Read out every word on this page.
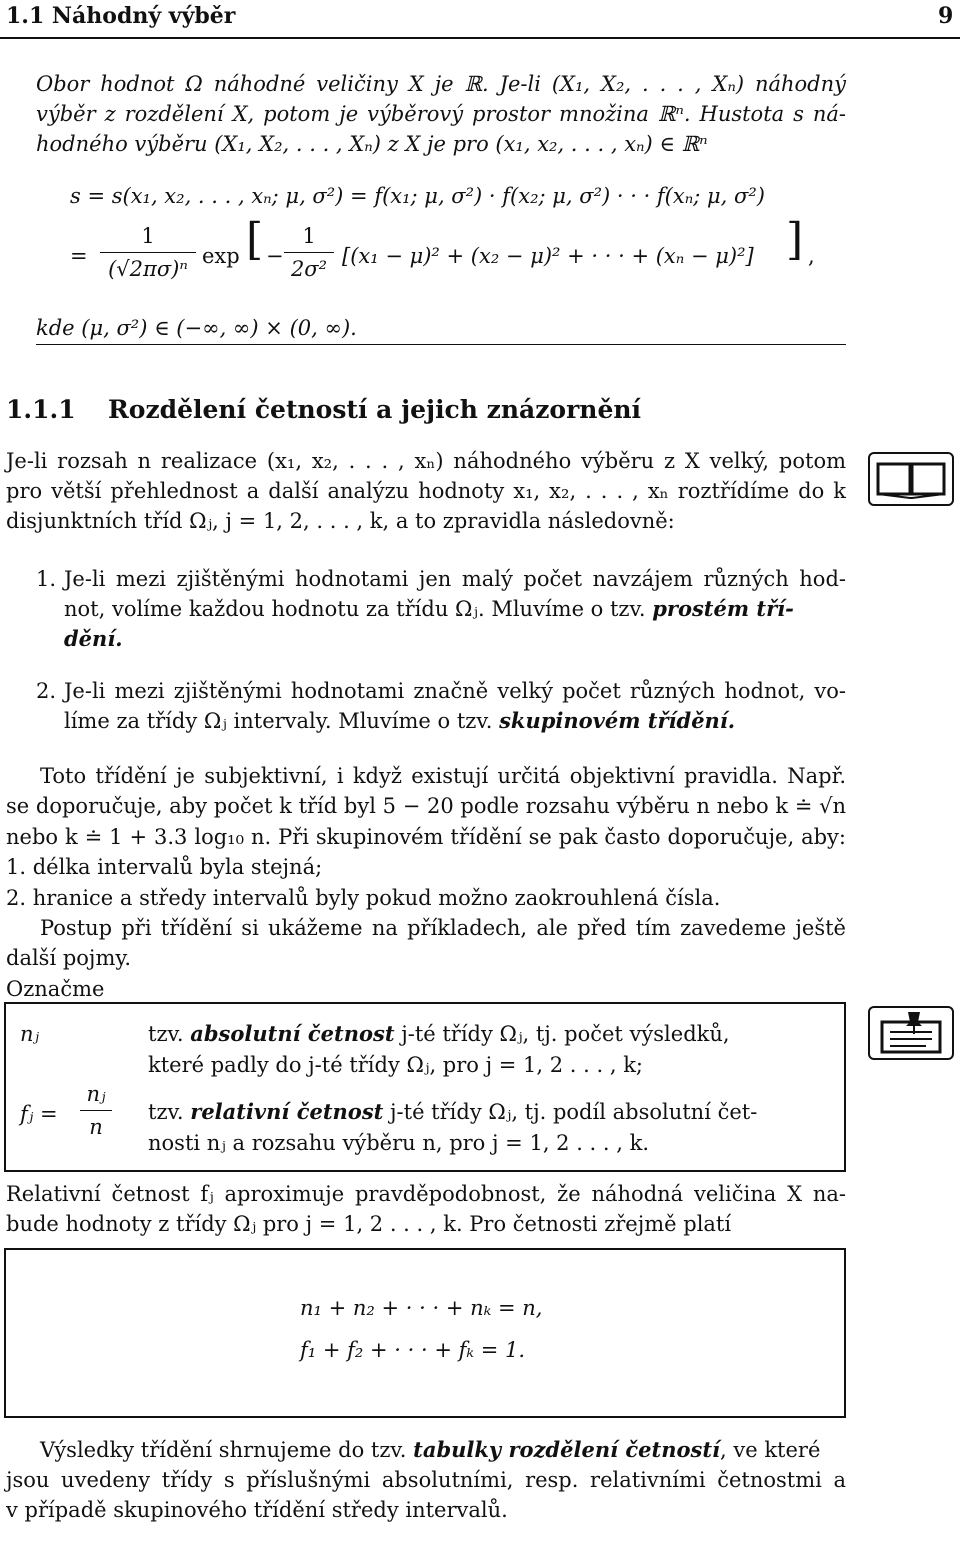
1.1 Náhodný výběr	9
Obor hodnot Ω náhodné veličiny X je ℝ. Je-li (X₁, X₂, . . . , Xₙ) náhodný
výběr z rozdělení X, potom je výběrový prostor množina ℝⁿ. Hustota s ná-
hodného výběru (X₁, X₂, . . . , Xₙ) z X je pro (x₁, x₂, . . . , xₙ) ∈ ℝⁿ
s = s(x₁, x₂, . . . , xₙ; μ, σ²) = f(x₁; μ, σ²) · f(x₂; μ, σ²) · · · f(xₙ; μ, σ²)
=
1
(√2πσ)ⁿ
exp [ −
1
2σ²
[(x₁ − μ)² + (x₂ − μ)² + · · · + (xₙ − μ)²] ] ,
kde (μ, σ²) ∈ (−∞, ∞) × (0, ∞).
1.1.1 Rozdělení četností a jejich znázornění
Je-li rozsah n realizace (x₁, x₂, . . . , xₙ) náhodného výběru z X velký, potom
pro větší přehlednost a další analýzu hodnoty x₁, x₂, . . . , xₙ roztřídíme do k
disjunktních tříd Ωⱼ, j = 1, 2, . . . , k, a to zpravidla následovně:
1. Je-li mezi zjištěnými hodnotami jen malý počet navzájem různých hod-
not, volíme každou hodnotu za třídu Ωⱼ. Mluvíme o tzv. prostém tří-
dění.
2. Je-li mezi zjištěnými hodnotami značně velký počet různých hodnot, vo-
líme za třídy Ωⱼ intervaly. Mluvíme o tzv. skupinovém třídění.
Toto třídění je subjektivní, i když existují určitá objektivní pravidla. Např.
se doporučuje, aby počet k tříd byl 5 − 20 podle rozsahu výběru n nebo k ≐ √n
nebo k ≐ 1 + 3.3 log₁₀ n. Při skupinovém třídění se pak často doporučuje, aby:
1. délka intervalů byla stejná;
2. hranice a středy intervalů byly pokud možno zaokrouhlená čísla.
Postup při třídění si ukážeme na příkladech, ale před tím zavedeme ještě
další pojmy.
Označme
nⱼ	tzv. absolutní četnost j-té třídy Ωⱼ, tj. počet výsledků,
které padly do j-té třídy Ωⱼ, pro j = 1, 2 . . . , k;
fⱼ =
nⱼ
n
tzv. relativní četnost j-té třídy Ωⱼ, tj. podíl absolutní čet-
nosti nⱼ a rozsahu výběru n, pro j = 1, 2 . . . , k.
Relativní četnost fⱼ aproximuje pravděpodobnost, že náhodná veličina X na-
bude hodnoty z třídy Ωⱼ pro j = 1, 2 . . . , k. Pro četnosti zřejmě platí
n₁ + n₂ + · · · + nₖ = n,
f₁ + f₂ + · · · + fₖ = 1.
Výsledky třídění shrnujeme do tzv. tabulky rozdělení četností, ve které
jsou uvedeny třídy s příslušnými absolutními, resp. relativními četnostmi a
v případě skupinového třídění středy intervalů.
